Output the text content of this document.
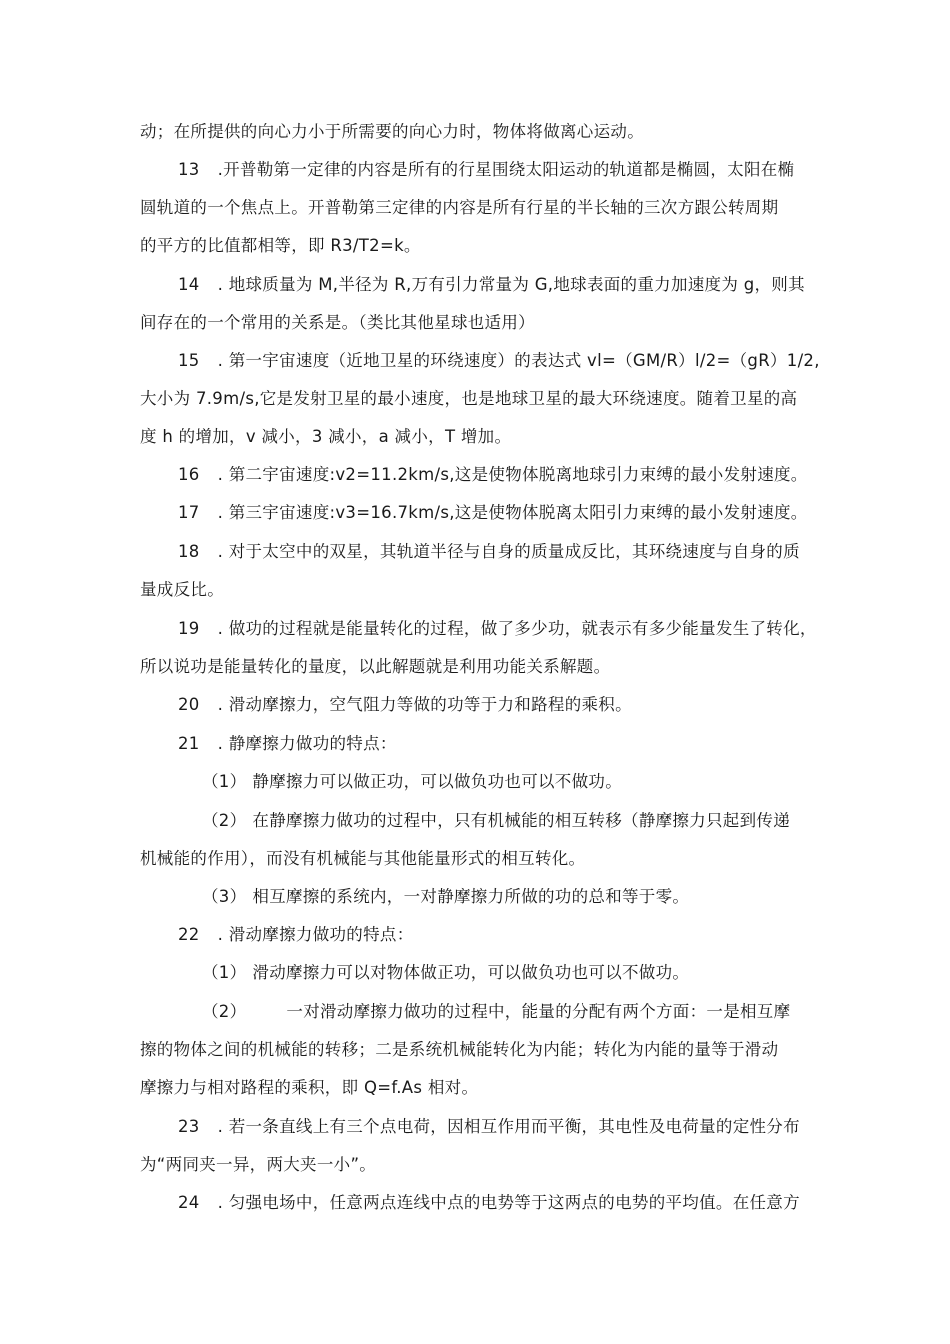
动；在所提供的向心力小于所需要的向心力时，物体将做离心运动。
13 .开普勒第一定律的内容是所有的行星围绕太阳运动的轨道都是椭圆，太阳在椭
圆轨道的一个焦点上。开普勒第三定律的内容是所有行星的半长轴的三次方跟公转周期
的平方的比值都相等，即 R3/T2=k。
14 . 地球质量为 M,半径为 R,万有引力常量为 G,地球表面的重力加速度为 g，则其
间存在的一个常用的关系是。（类比其他星球也适用）
15 . 第一宇宙速度（近地卫星的环绕速度）的表达式 vl=（GM/R）l/2=（gR）1/2,
大小为 7.9m/s,它是发射卫星的最小速度，也是地球卫星的最大环绕速度。随着卫星的高
度 h 的增加，v 减小，3 减小，a 减小，T 增加。
16 . 第二宇宙速度:v2=11.2km/s,这是使物体脱离地球引力束缚的最小发射速度。
17 . 第三宇宙速度:v3=16.7km/s,这是使物体脱离太阳引力束缚的最小发射速度。
18 . 对于太空中的双星，其轨道半径与自身的质量成反比，其环绕速度与自身的质
量成反比。
19 . 做功的过程就是能量转化的过程，做了多少功，就表示有多少能量发生了转化，
所以说功是能量转化的量度，以此解题就是利用功能关系解题。
20 . 滑动摩擦力，空气阻力等做的功等于力和路程的乘积。
21 . 静摩擦力做功的特点：
（1） 静摩擦力可以做正功，可以做负功也可以不做功。
（2） 在静摩擦力做功的过程中，只有机械能的相互转移（静摩擦力只起到传递
机械能的作用），而没有机械能与其他能量形式的相互转化。
（3） 相互摩擦的系统内，一对静摩擦力所做的功的总和等于零。
22 . 滑动摩擦力做功的特点：
（1） 滑动摩擦力可以对物体做正功，可以做负功也可以不做功。
（2） 一对滑动摩擦力做功的过程中，能量的分配有两个方面：一是相互摩
擦的物体之间的机械能的转移；二是系统机械能转化为内能；转化为内能的量等于滑动
摩擦力与相对路程的乘积，即 Q=f.As 相对。
23 . 若一条直线上有三个点电荷，因相互作用而平衡，其电性及电荷量的定性分布
为“两同夹一异，两大夹一小”。
24 . 匀强电场中，任意两点连线中点的电势等于这两点的电势的平均值。在任意方
